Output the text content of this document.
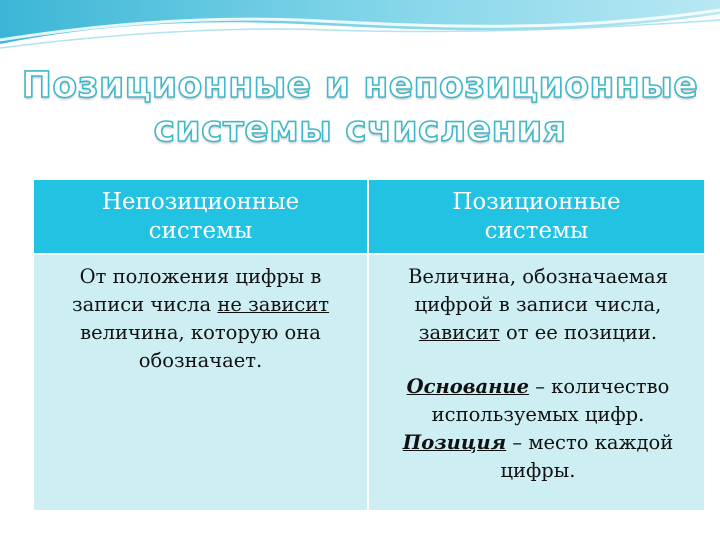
Позиционные и непозиционные
системы счисления
Непозиционные
системы
Позиционные
системы
От положения цифры в
записи числа не зависит
величина, которую она
обозначает.
Величина, обозначаемая
цифрой в записи числа,
зависит от ее позиции.
Основание – количество
используемых цифр.
Позиция – место каждой
цифры.
